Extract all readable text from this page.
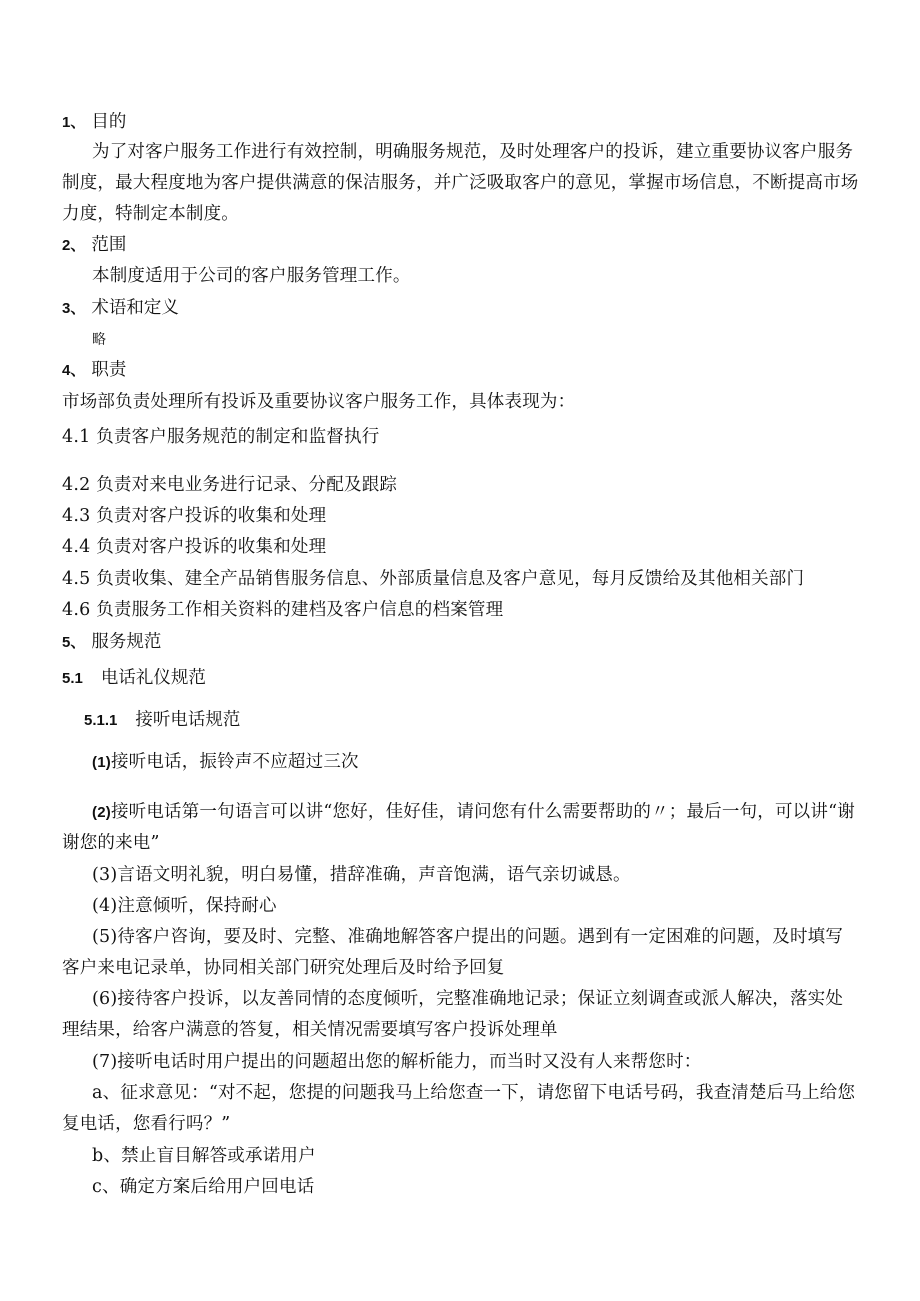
1、 目的
为了对客户服务工作进行有效控制，明确服务规范，及时处理客户的投诉，建立重要协议客户服务制度，最大程度地为客户提供满意的保洁服务，并广泛吸取客户的意见，掌握市场信息，不断提高市场力度，特制定本制度。
2、 范围
本制度适用于公司的客户服务管理工作。
3、 术语和定义
略
4、 职责
市场部负责处理所有投诉及重要协议客户服务工作，具体表现为：
4.1 负责客户服务规范的制定和监督执行
4.2 负责对来电业务进行记录、分配及跟踪
4.3 负责对客户投诉的收集和处理
4.4 负责对客户投诉的收集和处理
4.5 负责收集、建全产品销售服务信息、外部质量信息及客户意见，每月反馈给及其他相关部门
4.6 负责服务工作相关资料的建档及客户信息的档案管理
5、 服务规范
5.1 电话礼仪规范
5.1.1 接听电话规范
(1)接听电话，振铃声不应超过三次
(2)接听电话第一句语言可以讲“您好，佳好佳，请问您有什么需要帮助的〃；最后一句，可以讲“谢谢您的来电”
(3)言语文明礼貌，明白易懂，措辞准确，声音饱满，语气亲切诚恳。
(4)注意倾听，保持耐心
(5)待客户咨询，要及时、完整、准确地解答客户提出的问题。遇到有一定困难的问题，及时填写客户来电记录单，协同相关部门研究处理后及时给予回复
(6)接待客户投诉，以友善同情的态度倾听，完整准确地记录；保证立刻调查或派人解决，落实处理结果，给客户满意的答复，相关情况需要填写客户投诉处理单
(7)接听电话时用户提出的问题超出您的解析能力，而当时又没有人来帮您时：
a、征求意见：“对不起，您提的问题我马上给您查一下，请您留下电话号码，我查清楚后马上给您复电话，您看行吗？”
b、禁止盲目解答或承诺用户
c、确定方案后给用户回电话
